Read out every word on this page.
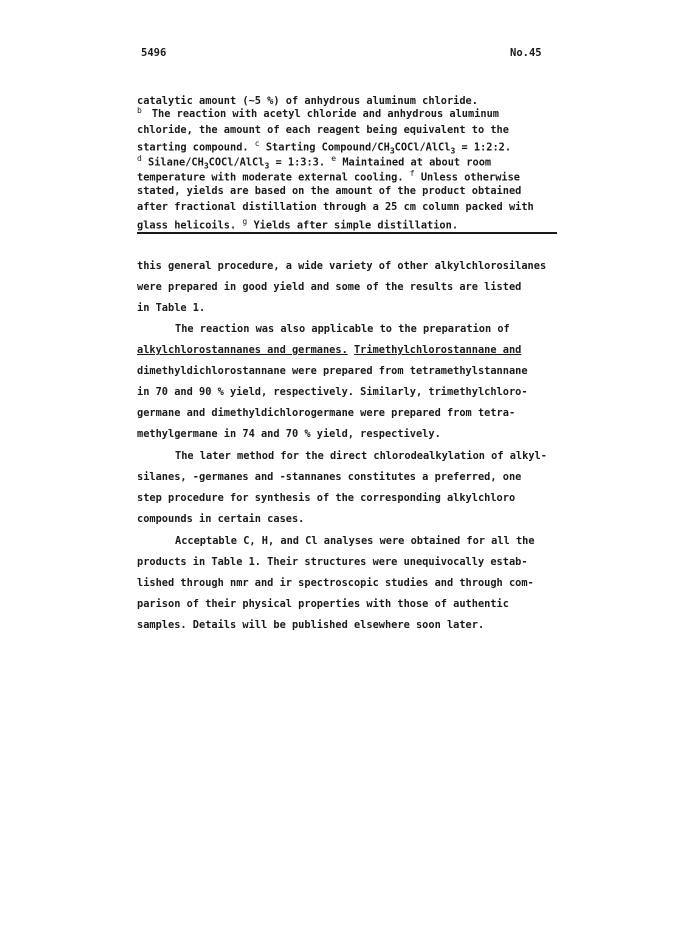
5496	No.45
catalytic amount (~5 %) of anhydrous aluminum chloride.
$^b$ The reaction with acetyl chloride and anhydrous aluminum
chloride, the amount of each reagent being equivalent to the
starting compound. $^c$ Starting Compound/$CH_3COCl/AlCl_3$ = 1:2:2.
$^d$ Silane/$CH_3COCl/AlCl_3$ = 1:3:3. $^e$ Maintained at about room
temperature with moderate external cooling. $^f$ Unless otherwise
stated, yields are based on the amount of the product obtained
after fractional distillation through a 25 cm column packed with
glass helicoils. $^g$ Yields after simple distillation.
this general procedure, a wide variety of other alkylchlorosilanes
were prepared in good yield and some of the results are listed
in Table 1.
The reaction was also applicable to the preparation of
alkylchlorostannanes and germanes. Trimethylchlorostannane and
dimethyldichlorostannane were prepared from tetramethylstannane
in 70 and 90 % yield, respectively. Similarly, trimethylchloro-
germane and dimethyldichlorogermane were prepared from tetra-
methylgermane in 74 and 70 % yield, respectively.
The later method for the direct chlorodealkylation of alkyl-
silanes, -germanes and -stannanes constitutes a preferred, one
step procedure for synthesis of the corresponding alkylchloro
compounds in certain cases.
Acceptable C, H, and Cl analyses were obtained for all the
products in Table 1. Their structures were unequivocally estab-
lished through nmr and ir spectroscopic studies and through com-
parison of their physical properties with those of authentic
samples. Details will be published elsewhere soon later.
